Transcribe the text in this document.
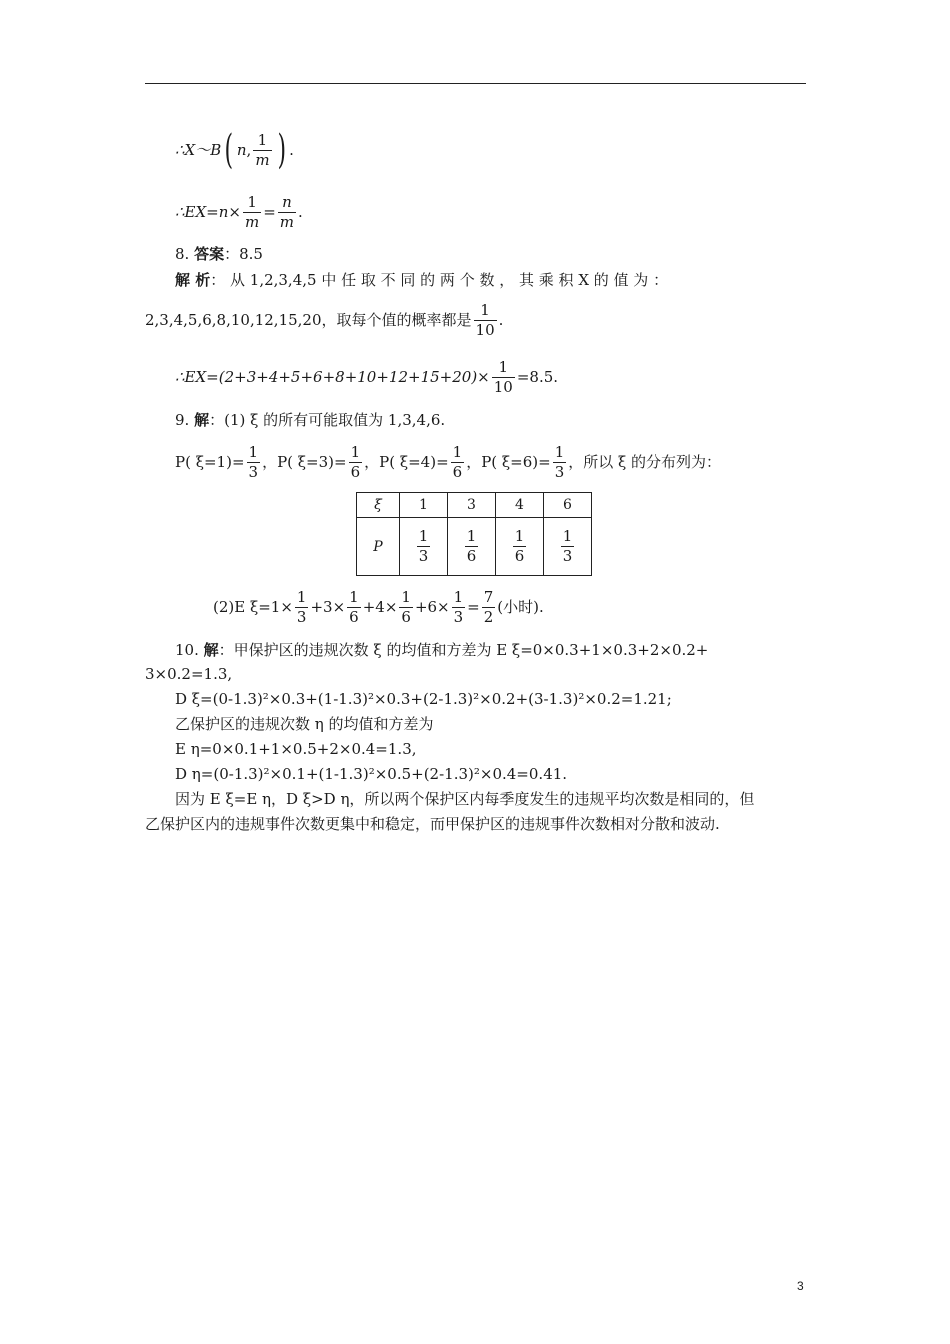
∴X～B ( n , $\frac{1}{m}$ ) .
∴EX=n× $\frac{1}{m} = \frac{n}{m}$ .
8. 答案：8.5
解 析： 从 1,2,3,4,5 中 任 取 不 同 的 两 个 数 ， 其 乘 积 X 的 值 为 ：
2,3,4,5,6,8,10,12,15,20，取每个值的概率都是 $\frac{1}{10}$ .
∴EX=(2+3+4+5+6+8+10+12+15+20)× $\frac{1}{10} =8.5$.
9. 解：(1) ξ 的所有可能取值为 1,3,4,6.
P( $\xi=1)= \frac{1}{3}$ ，P( $\xi=3)= \frac{1}{6}$ ，P( $\xi=4)= \frac{1}{6}$ ，P( $\xi=6)= \frac{1}{3}$ ，所以 ξ 的分布列为：
ξ	1	3	4	6
P	$\frac{1}{3}$	$\frac{1}{6}$	$\frac{1}{6}$	$\frac{1}{3}$
(2)E $\xi=1\times \frac{1}{3} +3\times \frac{1}{6} +4\times \frac{1}{6} +6\times \frac{1}{3} = \frac{7}{2}$ (小时).
10. 解：甲保护区的违规次数 ξ 的均值和方差为 E ξ=0×0.3+1×0.3+2×0.2+
3×0.2=1.3,
D ξ=(0-1.3)²×0.3+(1-1.3)²×0.3+(2-1.3)²×0.2+(3-1.3)²×0.2=1.21;
乙保护区的违规次数 η 的均值和方差为
E η=0×0.1+1×0.5+2×0.4=1.3,
D η=(0-1.3)²×0.1+(1-1.3)²×0.5+(2-1.3)²×0.4=0.41.
因为 E ξ=E η，D ξ>D η，所以两个保护区内每季度发生的违规平均次数是相同的，但
乙保护区内的违规事件次数更集中和稳定，而甲保护区的违规事件次数相对分散和波动.
3
